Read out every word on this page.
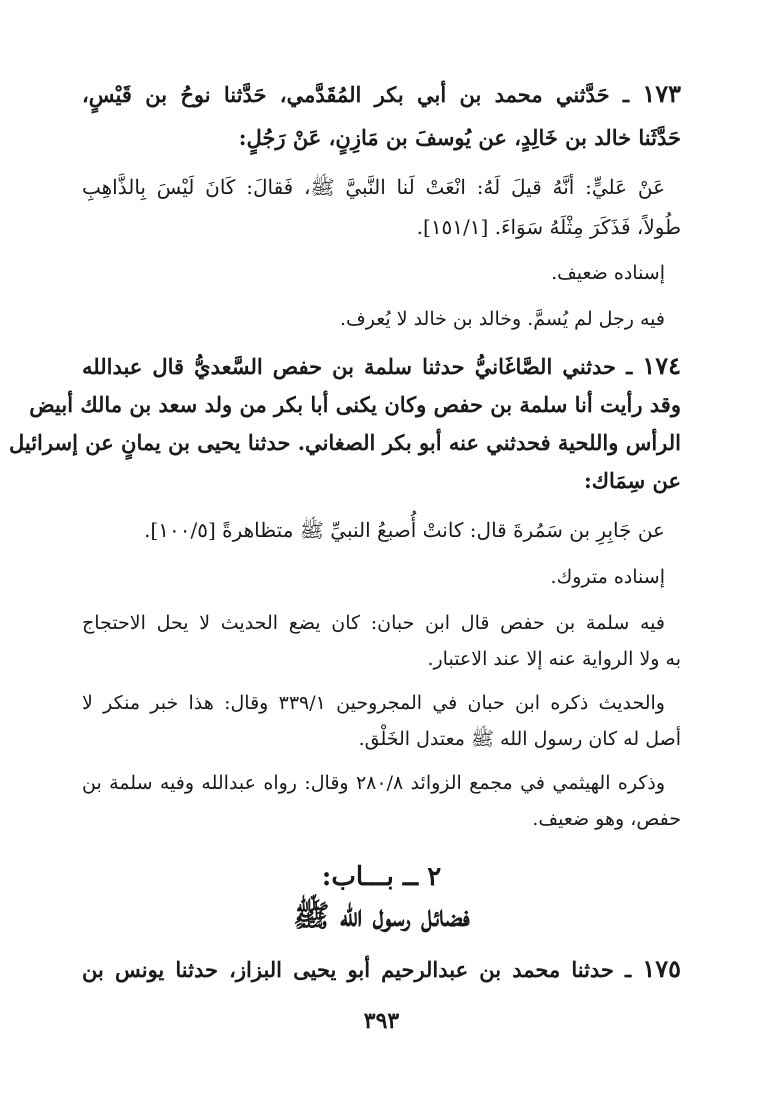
١٧٣ ـ حَدَّثني محمد بن أبي بكر المُقَدَّمي، حَدَّثنا نوحُ بن قَيْسٍ،
حَدَّثَنا خالد بن خَالِدٍ، عن يُوسفَ بن مَازِنٍ، عَنْ رَجُلٍ:
عَنْ عَليٍّ: أنَّهُ قيلَ لَهُ: انْعَتْ لَنا النَّبيَّ ﷺ، فَقالَ: كَانَ لَيْسَ بِالذَّاهِبِ
طُولاً، فَذَكَرَ مِثْلَهُ سَوَاءَ. [١٥١/١].
إسناده ضعيف.
فيه رجل لم يُسمَّ. وخالد بن خالد لا يُعرف.
١٧٤ ـ حدثني الصَّاغَانيُّ حدثنا سلمة بن حفص السَّعديُّ قال عبدالله
وقد رأيت أنا سلمة بن حفص وكان يكنى أبا بكر من ولد سعد بن مالك أبيض
الرأس واللحية فحدثني عنه أبو بكر الصغاني. حدثنا يحيى بن يمانٍ عن إسرائيل
عن سِمَاك:
عن جَابِرِ بن سَمُرةَ قال: كانتْ أُصبعُ النبيِّ ﷺ متظاهرةً [١٠٠/٥].
إسناده متروك.
فيه سلمة بن حفص قال ابن حبان: كان يضع الحديث لا يحل الاحتجاج
به ولا الرواية عنه إلا عند الاعتبار.
والحديث ذكره ابن حبان في المجروحين ٣٣٩/١ وقال: هذا خبر منكر لا
أصل له كان رسول الله ﷺ معتدل الخَلْق.
وذكره الهيثمي في مجمع الزوائد ٢٨٠/٨ وقال: رواه عبدالله وفيه سلمة بن
حفص، وهو ضعيف.
٢ ــ بـــاب:
فضائل رسول الله ﷺ
١٧٥ ـ حدثنا محمد بن عبدالرحيم أبو يحيى البزاز، حدثنا يونس بن
٣٩٣
